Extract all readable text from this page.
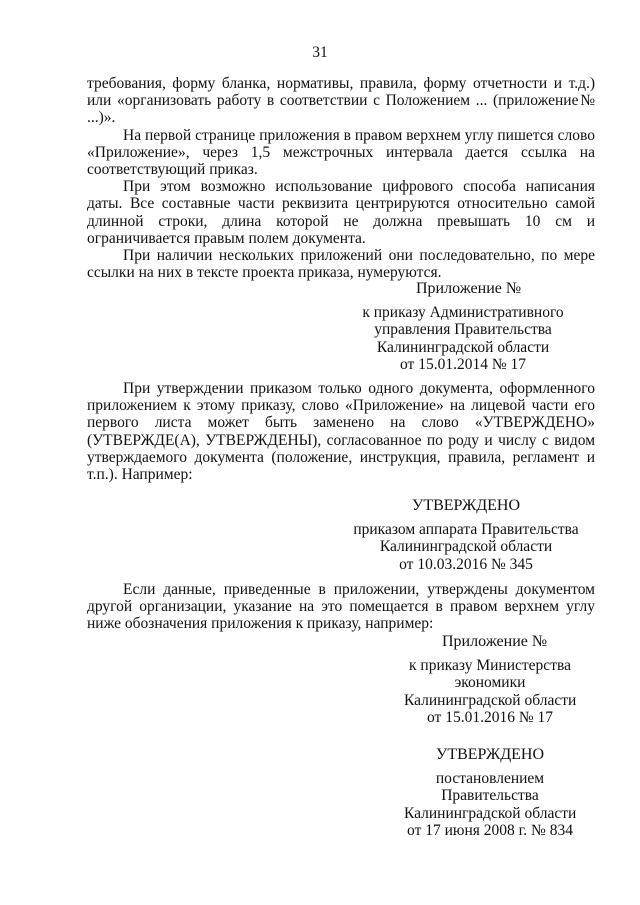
31

требования, форму бланка, нормативы, правила, форму отчетности и т.д.) или «организовать работу в соответствии с Положением ... (приложение№ ...)».

На первой странице приложения в правом верхнем углу пишется слово «Приложение», через 1,5 межстрочных интервала дается ссылка на соответствующий приказ.

При этом возможно использование цифрового способа написания даты. Все составные части реквизита центрируются относительно самой длинной строки, длина которой не должна превышать 10 см и ограничивается правым полем документа.

При наличии нескольких приложений они последовательно, по мере ссылки на них в тексте проекта приказа, нумеруются.

Приложение №
к приказу Административного
управления Правительства
Калининградской области
от 15.01.2014 № 17

При утверждении приказом только одного документа, оформленного приложением к этому приказу, слово «Приложение» на лицевой части его первого листа может быть заменено на слово «УТВЕРЖДЕНО» (УТВЕРЖДЕ(А), УТВЕРЖДЕНЫ), согласованное по роду и числу с видом утверждаемого документа (положение, инструкция, правила, регламент и т.п.). Например:

УТВЕРЖДЕНО
приказом аппарата Правительства
Калининградской области
от 10.03.2016 № 345

Если данные, приведенные в приложении, утверждены документом другой организации, указание на это помещается в правом верхнем углу ниже обозначения приложения к приказу, например:

Приложение №
к приказу Министерства
экономики
Калининградской области
от 15.01.2016 № 17
УТВЕРЖДЕНО
постановлением
Правительства
Калининградской области
от 17 июня 2008 г. № 834
